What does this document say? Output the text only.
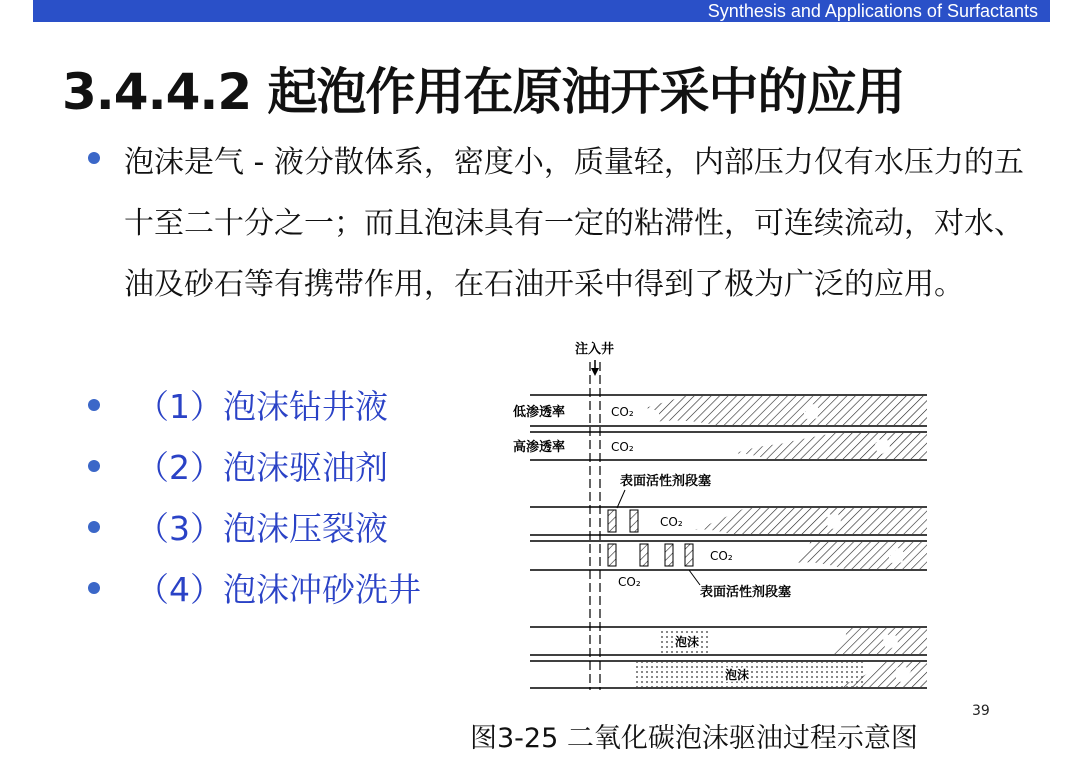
Synthesis and Applications of Surfactants
3.4.4.2 起泡作用在原油开采中的应用
泡沫是气 - 液分散体系，密度小，质量轻，内部压力仅有水压力的五十至二十分之一；而且泡沫具有一定的粘滞性，可连续流动，对水、油及砂石等有携带作用，在石油开采中得到了极为广泛的应用。
（1）泡沫钻井液
（2）泡沫驱油剂
（3）泡沫压裂液
（4）泡沫冲砂洗井
注入井
低渗透率
高渗透率
CO₂
CO₂
油
油
表面活性剂段塞
CO₂
CO₂
CO₂
油
油
表面活性剂段塞
泡沫
泡沫
油
油
39
图3-25 二氧化碳泡沫驱油过程示意图
